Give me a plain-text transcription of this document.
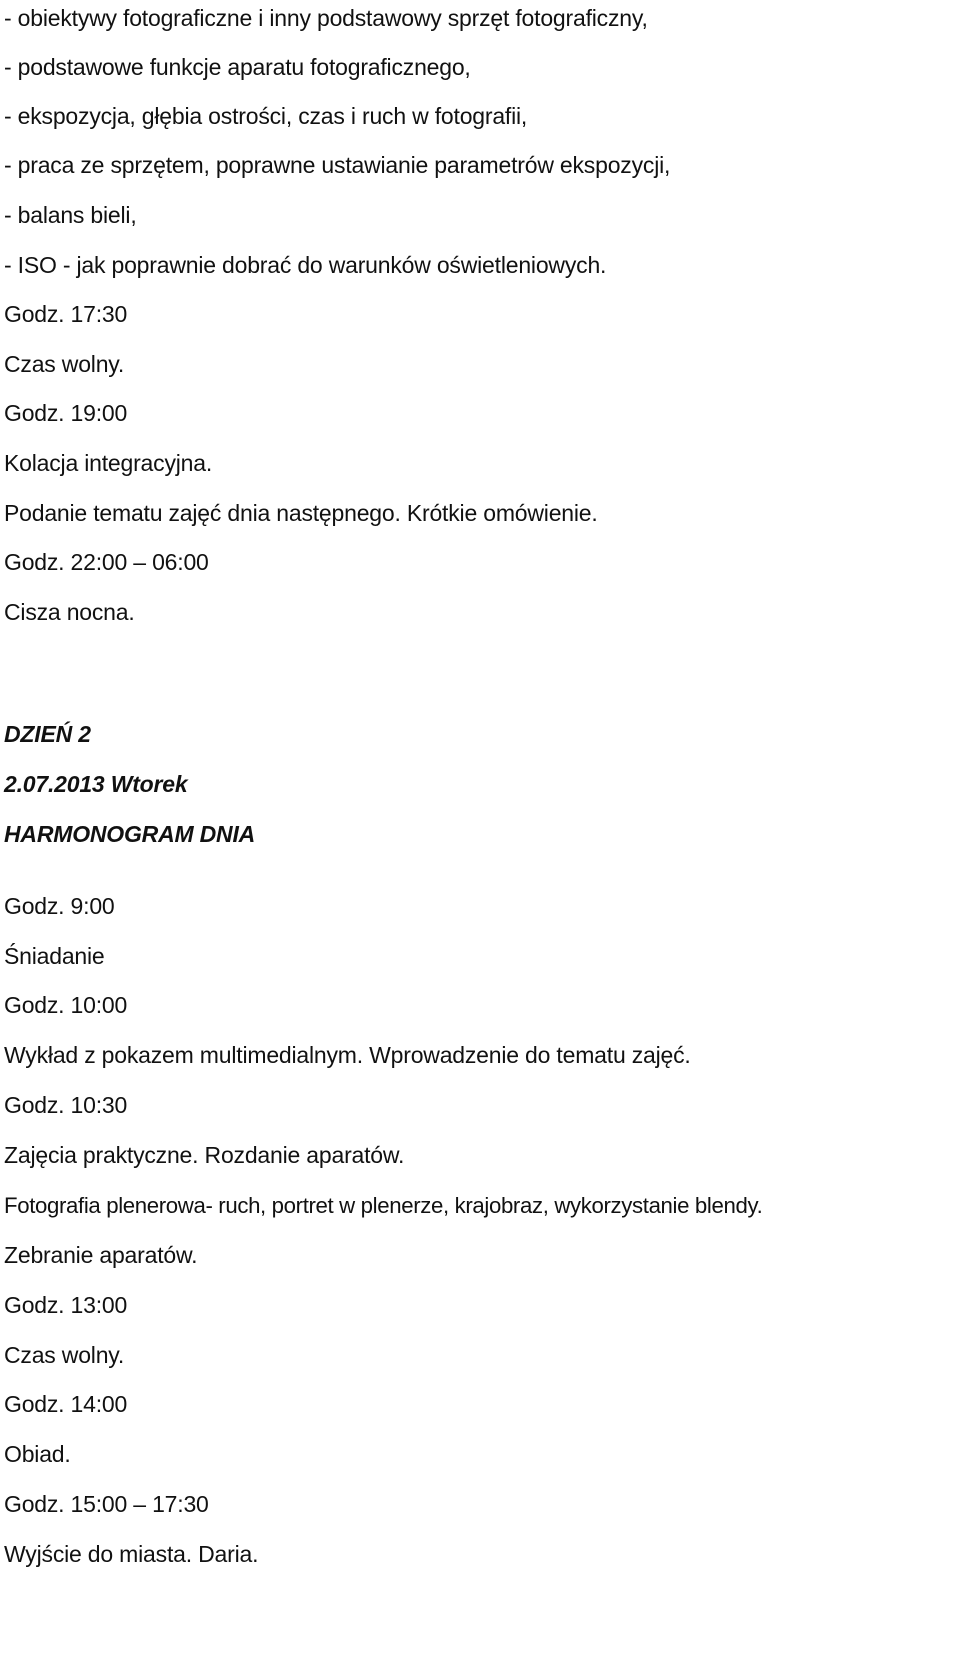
- obiektywy fotograficzne i inny podstawowy sprzęt fotograficzny,
- podstawowe funkcje aparatu fotograficznego,
- ekspozycja, głębia ostrości, czas i ruch w fotografii,
- praca ze sprzętem, poprawne ustawianie parametrów ekspozycji,
- balans bieli,
- ISO - jak poprawnie dobrać do warunków oświetleniowych.
Godz. 17:30
Czas wolny.
Godz. 19:00
Kolacja integracyjna.
Podanie tematu zajęć dnia następnego. Krótkie omówienie.
Godz. 22:00 – 06:00
Cisza nocna.
DZIEŃ 2
2.07.2013 Wtorek
HARMONOGRAM DNIA
Godz. 9:00
Śniadanie
Godz. 10:00
Wykład z pokazem multimedialnym. Wprowadzenie do tematu zajęć.
Godz. 10:30
Zajęcia praktyczne. Rozdanie aparatów.
Fotografia plenerowa- ruch, portret w plenerze, krajobraz, wykorzystanie blendy.
Zebranie aparatów.
Godz. 13:00
Czas wolny.
Godz. 14:00
Obiad.
Godz. 15:00 – 17:30
Wyjście do miasta. Daria.
